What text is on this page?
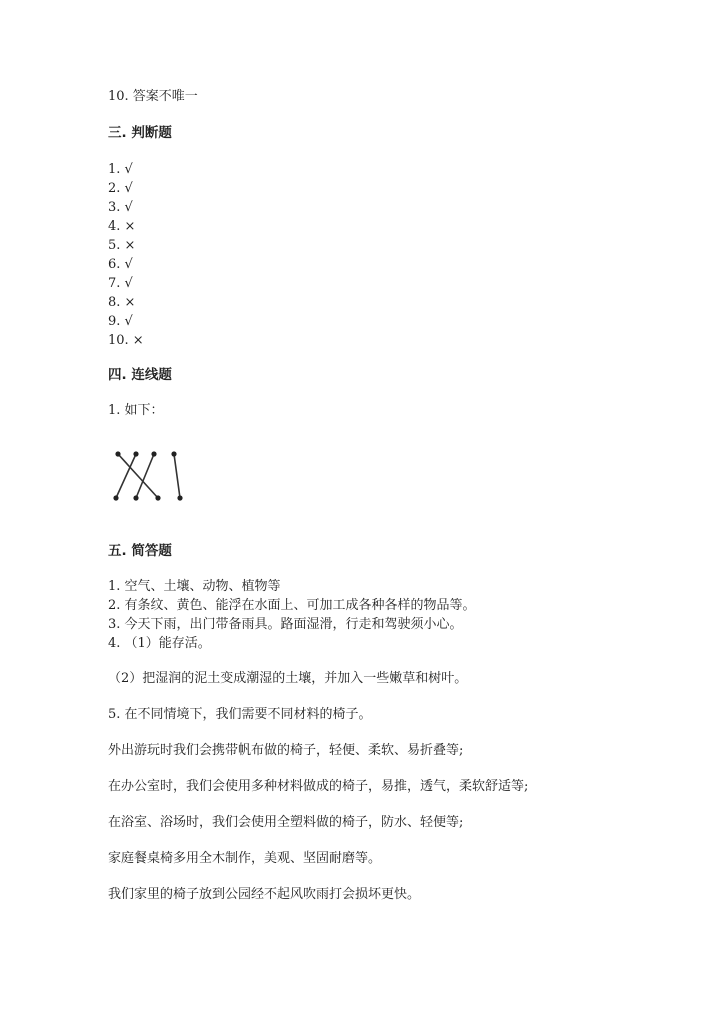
10. 答案不唯一
三. 判断题
1. √
2. √
3. √
4. ×
5. ×
6. √
7. √
8. ×
9. √
10. ×
四. 连线题
1. 如下：
五. 简答题
1. 空气、土壤、动物、植物等
2. 有条纹、黄色、能浮在水面上、可加工成各种各样的物品等。
3. 今天下雨，出门带备雨具。路面湿滑，行走和驾驶须小心。
4. （1）能存活。
（2）把湿润的泥土变成潮湿的土壤，并加入一些嫩草和树叶。
5. 在不同情境下，我们需要不同材料的椅子。
外出游玩时我们会携带帆布做的椅子，轻便、柔软、易折叠等;
在办公室时，我们会使用多种材料做成的椅子，易推，透气，柔软舒适等;
在浴室、浴场时，我们会使用全塑料做的椅子，防水、轻便等;
家庭餐桌椅多用全木制作，美观、坚固耐磨等。
我们家里的椅子放到公园经不起风吹雨打会损坏更快。
